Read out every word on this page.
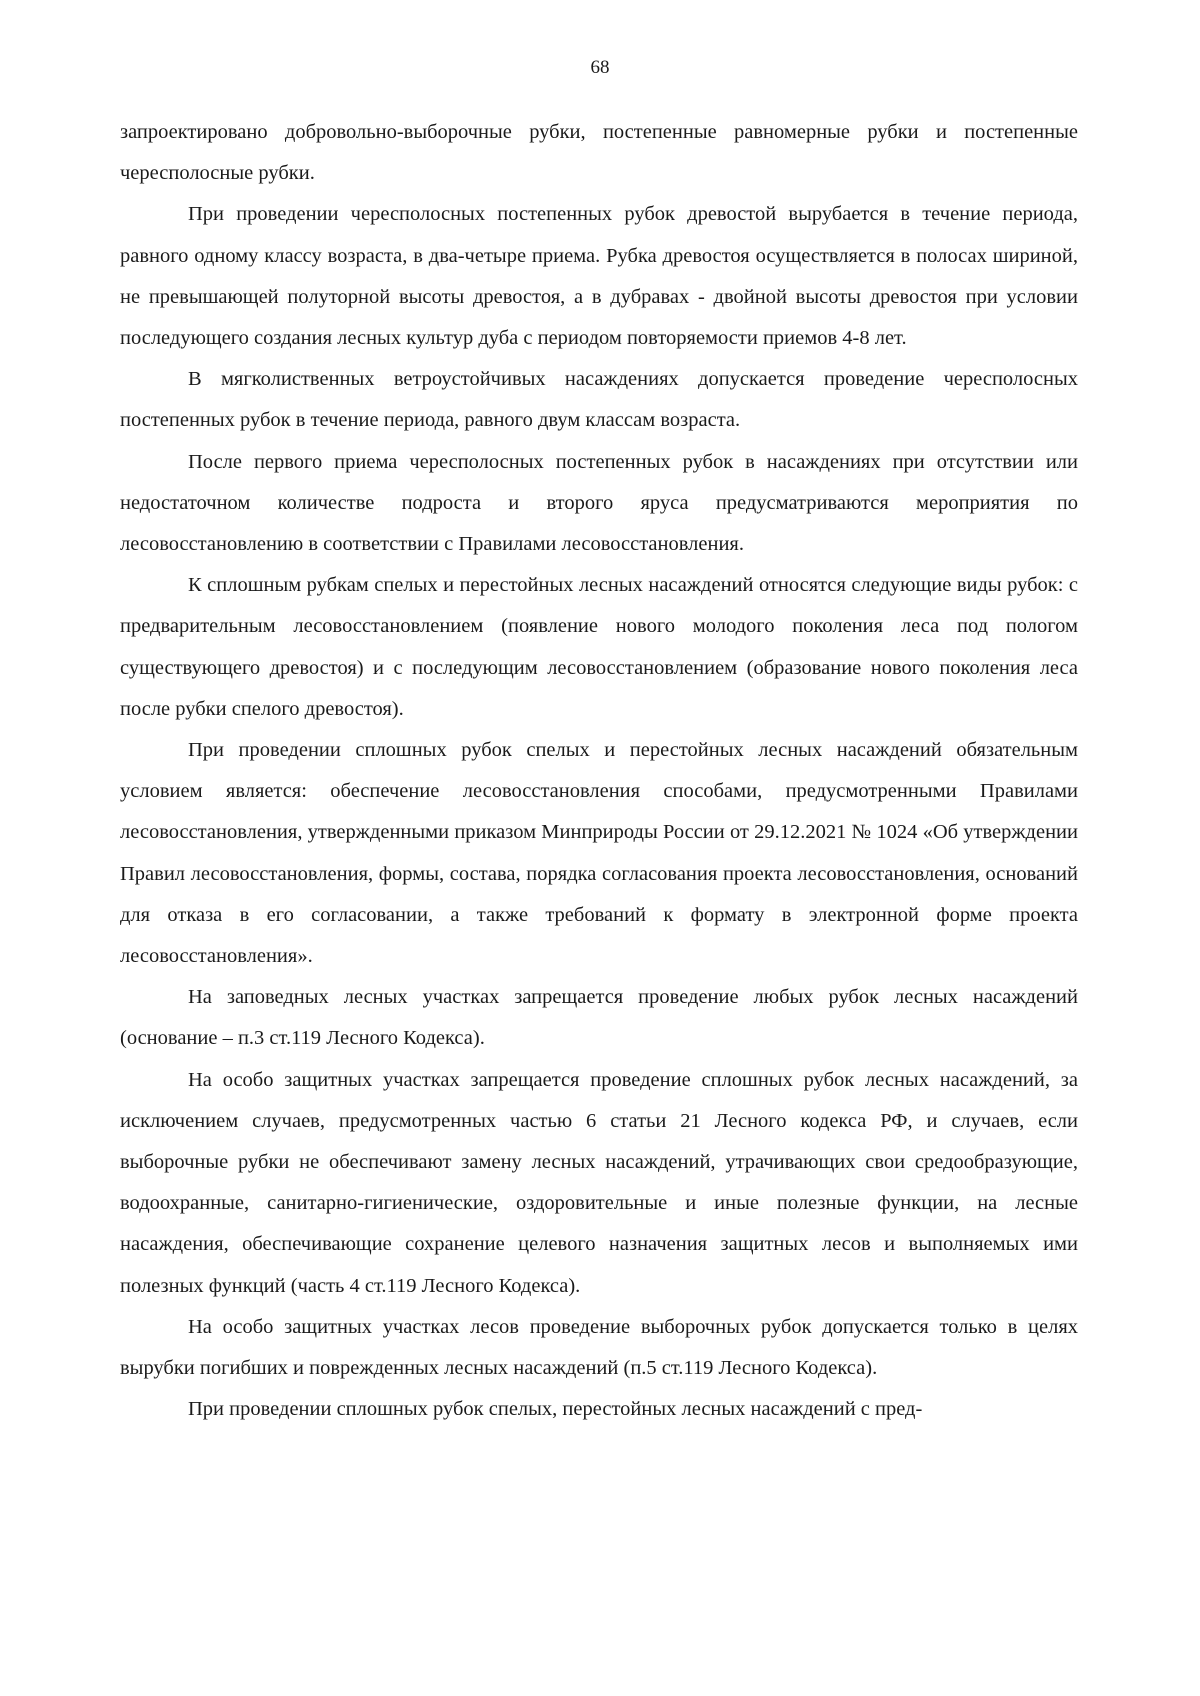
68

запроектировано добровольно-выборочные рубки, постепенные равномерные рубки и постепенные чересполосные рубки.

При проведении чересполосных постепенных рубок древостой вырубается в течение периода, равного одному классу возраста, в два-четыре приема. Рубка древостоя осуществляется в полосах шириной, не превышающей полуторной высоты древостоя, а в дубравах - двойной высоты древостоя при условии последующего создания лесных культур дуба с периодом повторяемости приемов 4-8 лет.

В мягколиственных ветроустойчивых насаждениях допускается проведение чересполосных постепенных рубок в течение периода, равного двум классам возраста.

После первого приема чересполосных постепенных рубок в насаждениях при отсутствии или недостаточном количестве подроста и второго яруса предусматриваются мероприятия по лесовосстановлению в соответствии с Правилами лесовосстановления.

К сплошным рубкам спелых и перестойных лесных насаждений относятся следующие виды рубок: с предварительным лесовосстановлением (появление нового молодого поколения леса под пологом существующего древостоя) и с последующим лесовосстановлением (образование нового поколения леса после рубки спелого древостоя).

При проведении сплошных рубок спелых и перестойных лесных насаждений обязательным условием является: обеспечение лесовосстановления способами, предусмотренными Правилами лесовосстановления, утвержденными приказом Минприроды России от 29.12.2021 № 1024 «Об утверждении Правил лесовосстановления, формы, состава, порядка согласования проекта лесовосстановления, оснований для отказа в его согласовании, а также требований к формату в электронной форме проекта лесовосстановления».

На заповедных лесных участках запрещается проведение любых рубок лесных насаждений (основание – п.3 ст.119 Лесного Кодекса).

На особо защитных участках запрещается проведение сплошных рубок лесных насаждений, за исключением случаев, предусмотренных частью 6 статьи 21 Лесного кодекса РФ, и случаев, если выборочные рубки не обеспечивают замену лесных насаждений, утрачивающих свои средообразующие, водоохранные, санитарно-гигиенические, оздоровительные и иные полезные функции, на лесные насаждения, обеспечивающие сохранение целевого назначения защитных лесов и выполняемых ими полезных функций (часть 4 ст.119 Лесного Кодекса).

На особо защитных участках лесов проведение выборочных рубок допускается только в целях вырубки погибших и поврежденных лесных насаждений (п.5 ст.119 Лесного Кодекса).

При проведении сплошных рубок спелых, перестойных лесных насаждений с пред-
